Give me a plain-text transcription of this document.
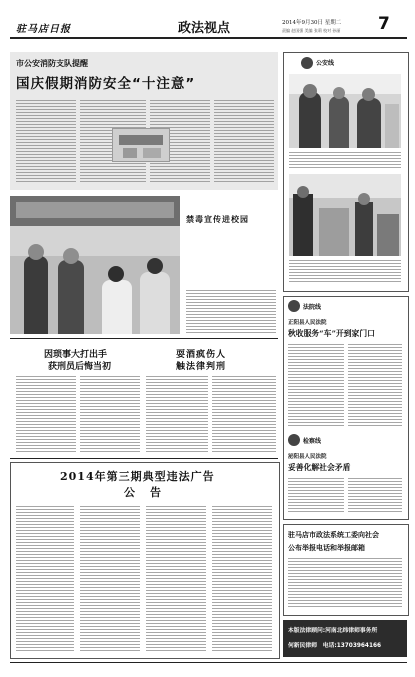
驻马店日报	政法视点	2014年9月30日 星期二
责编 赵国强 美编 张莉 校对 孙丽 7
市公安消防支队提醒
国庆假期消防安全“十注意”
公安线
禁毒宣传进校园
因琐事大打出手
获刑员后悔当初
耍酒疯伤人
触法律判刑
法院线
正阳县人民法院
秋收服务“车”开到家门口
检察线
泌阳县人民法院
妥善化解社会矛盾
2014年第三期典型违法广告
公　告
驻马店市政法系统工委向社会
公布举报电话和举报邮箱
本版法律顾问:河南北纬律师事务所
何新民律师　电话:13703964166
